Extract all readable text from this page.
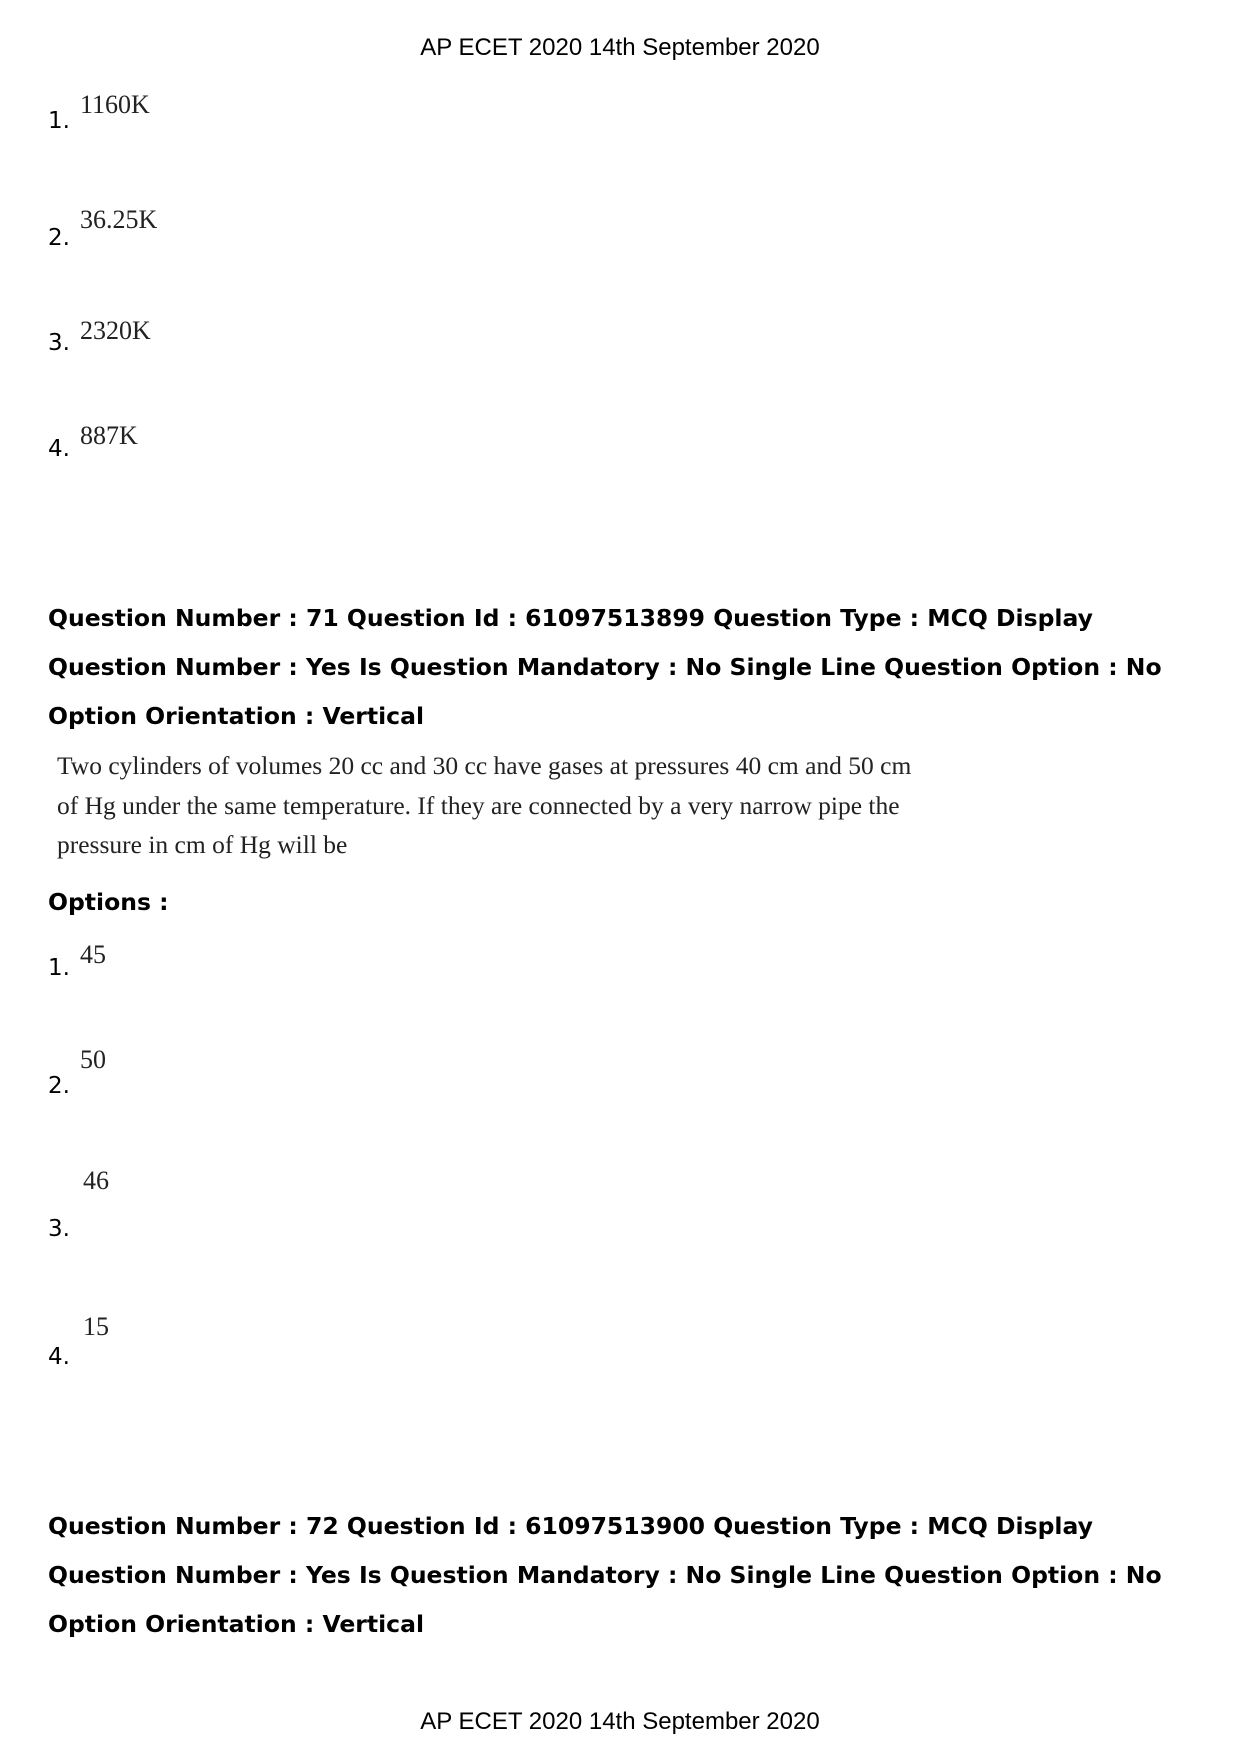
AP ECET 2020 14th September 2020
1.
1160K
2.
36.25K
3. 2320K
4. 887K
Question Number : 71 Question Id : 61097513899 Question Type : MCQ Display Question Number : Yes Is Question Mandatory : No Single Line Question Option : No Option Orientation : Vertical
Two cylinders of volumes 20 cc and 30 cc have gases at pressures 40 cm and 50 cm of Hg under the same temperature. If they are connected by a very narrow pipe the pressure in cm of Hg will be
Options :
1. 45
2.
50
3.
46
4.
15
Question Number : 72 Question Id : 61097513900 Question Type : MCQ Display Question Number : Yes Is Question Mandatory : No Single Line Question Option : No Option Orientation : Vertical
AP ECET 2020 14th September 2020
